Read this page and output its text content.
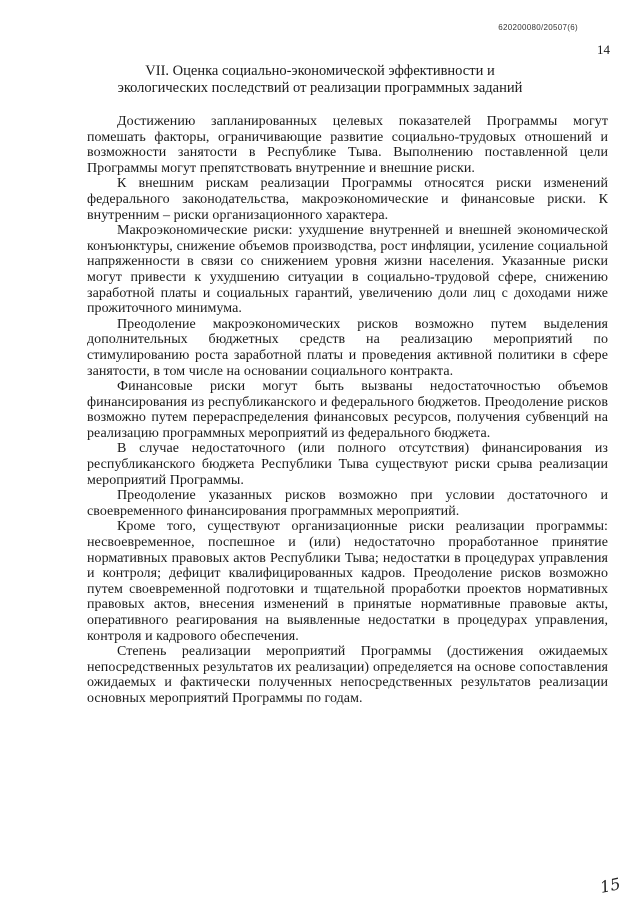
620200080/20507(6)
14
VII. Оценка социально-экономической эффективности и
экологических последствий от реализации программных заданий

Достижению запланированных целевых показателей Программы могут помешать факторы, ограничивающие развитие социально-трудовых отношений и возможности занятости в Республике Тыва. Выполнению поставленной цели Программы могут препятствовать внутренние и внешние риски.

К внешним рискам реализации Программы относятся риски изменений федерального законодательства, макроэкономические и финансовые риски. К внутренним – риски организационного характера.

Макроэкономические риски: ухудшение внутренней и внешней экономической конъюнктуры, снижение объемов производства, рост инфляции, усиление социальной напряженности в связи со снижением уровня жизни населения. Указанные риски могут привести к ухудшению ситуации в социально-трудовой сфере, снижению заработной платы и социальных гарантий, увеличению доли лиц с доходами ниже прожиточного минимума.

Преодоление макроэкономических рисков возможно путем выделения дополнительных бюджетных средств на реализацию мероприятий по стимулированию роста заработной платы и проведения активной политики в сфере занятости, в том числе на основании социального контракта.

Финансовые риски могут быть вызваны недостаточностью объемов финансирования из республиканского и федерального бюджетов. Преодоление рисков возможно путем перераспределения финансовых ресурсов, получения субвенций на реализацию программных мероприятий из федерального бюджета.

В случае недостаточного (или полного отсутствия) финансирования из республиканского бюджета Республики Тыва существуют риски срыва реализации мероприятий Программы.

Преодоление указанных рисков возможно при условии достаточного и своевременного финансирования программных мероприятий.

Кроме того, существуют организационные риски реализации программы: несвоевременное, поспешное и (или) недостаточно проработанное принятие нормативных правовых актов Республики Тыва; недостатки в процедурах управления и контроля; дефицит квалифицированных кадров. Преодоление рисков возможно путем своевременной подготовки и тщательной проработки проектов нормативных правовых актов, внесения изменений в принятые нормативные правовые акты, оперативного реагирования на выявленные недостатки в процедурах управления, контроля и кадрового обеспечения.

Степень реализации мероприятий Программы (достижения ожидаемых непосредственных результатов их реализации) определяется на основе сопоставления ожидаемых и фактически полученных непосредственных результатов реализации основных мероприятий Программы по годам.

15
